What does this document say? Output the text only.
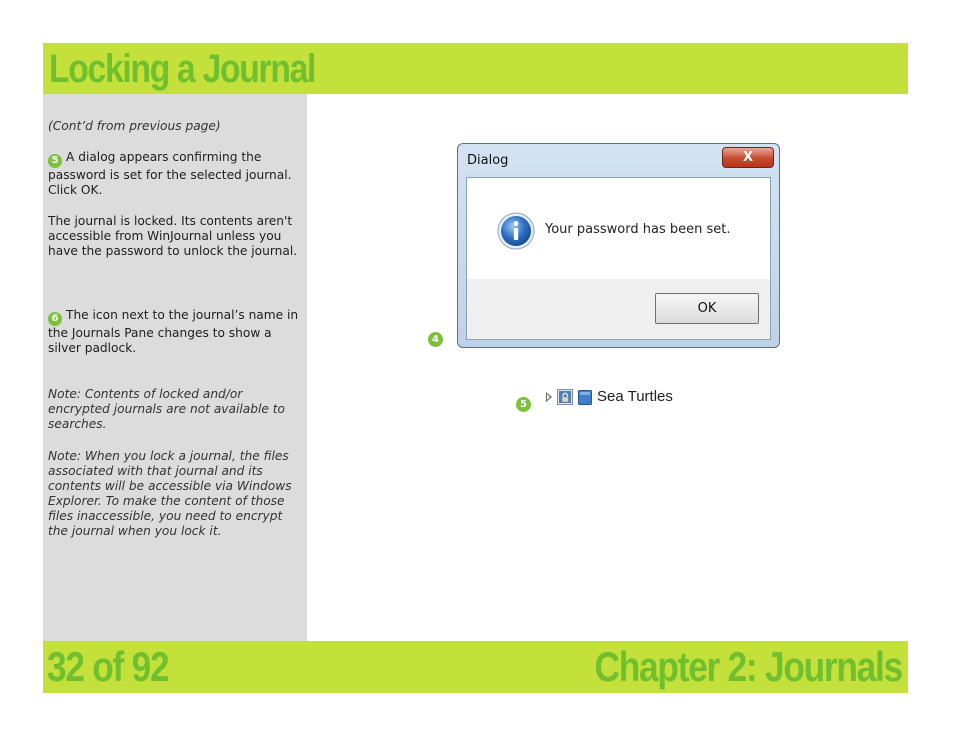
Locking a Journal

(Cont’d from previous page)

5 A dialog appears confirming the password is set for the selected journal. Click OK.

The journal is locked. Its contents aren't accessible from WinJournal unless you have the password to unlock the journal.

6 The icon next to the journal’s name in the Journals Pane changes to show a silver padlock.

Note: Contents of locked and/or encrypted journals are not available to searches.

Note: When you lock a journal, the files associated with that journal and its contents will be accessible via Windows Explorer. To make the content of those files inaccessible, you need to encrypt the journal when you lock it.

Dialog	X
Your password has been set.
OK
4
5	Sea Turtles
32 of 92	Chapter 2: Journals
